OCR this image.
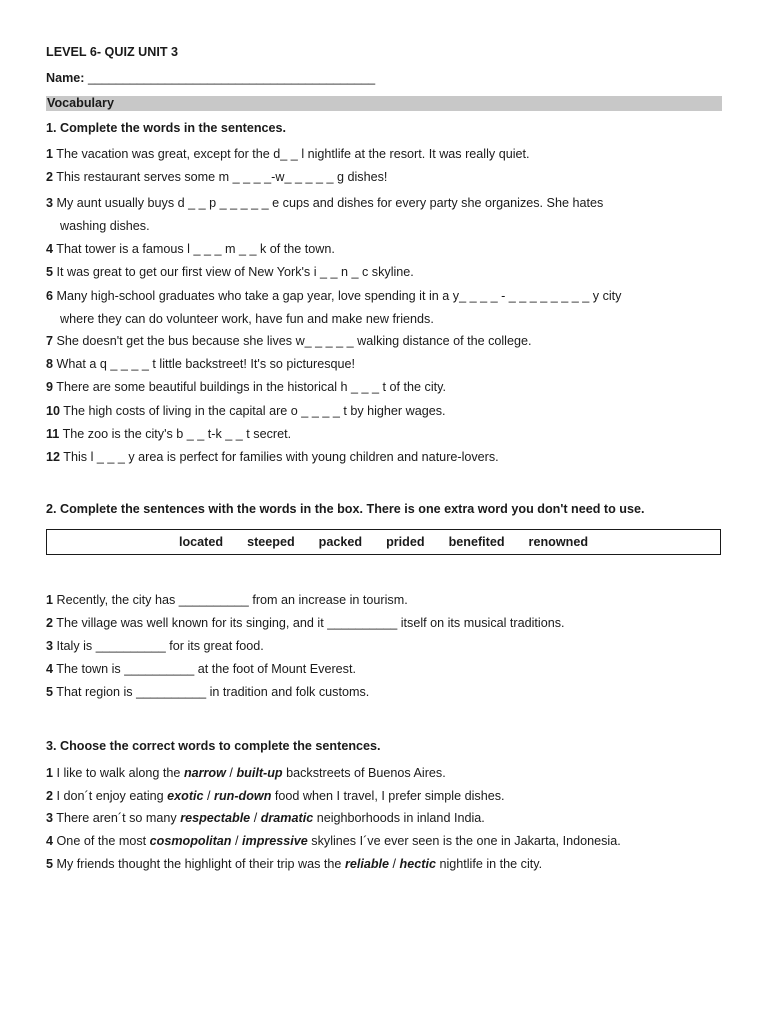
LEVEL 6- QUIZ UNIT 3
Name: _________________________________________
Vocabulary
1. Complete the words in the sentences.
1 The vacation was great, except for the d_ _ l nightlife at the resort. It was really quiet.
2 This restaurant serves some m _ _ _ _-w_ _ _ _ _ g dishes!
3 My aunt usually buys d _ _ p _ _ _ _ _ e cups and dishes for every party she organizes. She hates
washing dishes.
4 That tower is a famous l _ _ _ m _ _ k of the town.
5 It was great to get our first view of New York's i _ _ n _ c skyline.
6 Many high-school graduates who take a gap year, love spending it in a y_ _ _ _ - _ _ _ _ _ _ _ _ y city
where they can do volunteer work, have fun and make new friends.
7 She doesn't get the bus because she lives w_ _ _ _ _ walking distance of the college.
8 What a q _ _ _ _ t little backstreet! It's so picturesque!
9 There are some beautiful buildings in the historical h _ _ _ t of the city.
10 The high costs of living in the capital are o _ _ _ _ t by higher wages.
11 The zoo is the city's b _ _ t-k _ _ t secret.
12 This l _ _ _ y area is perfect for families with young children and nature-lovers.
2. Complete the sentences with the words in the box. There is one extra word you don't need to use.
located steeped packed prided benefited renowned
1 Recently, the city has __________ from an increase in tourism.
2 The village was well known for its singing, and it __________ itself on its musical traditions.
3 Italy is __________ for its great food.
4 The town is __________ at the foot of Mount Everest.
5 That region is __________ in tradition and folk customs.
3. Choose the correct words to complete the sentences.
1 I like to walk along the narrow / built-up backstreets of Buenos Aires.
2 I don´t enjoy eating exotic / run-down food when I travel, I prefer simple dishes.
3 There aren´t so many respectable / dramatic neighborhoods in inland India.
4 One of the most cosmopolitan / impressive skylines I´ve ever seen is the one in Jakarta, Indonesia.
5 My friends thought the highlight of their trip was the reliable / hectic nightlife in the city.
